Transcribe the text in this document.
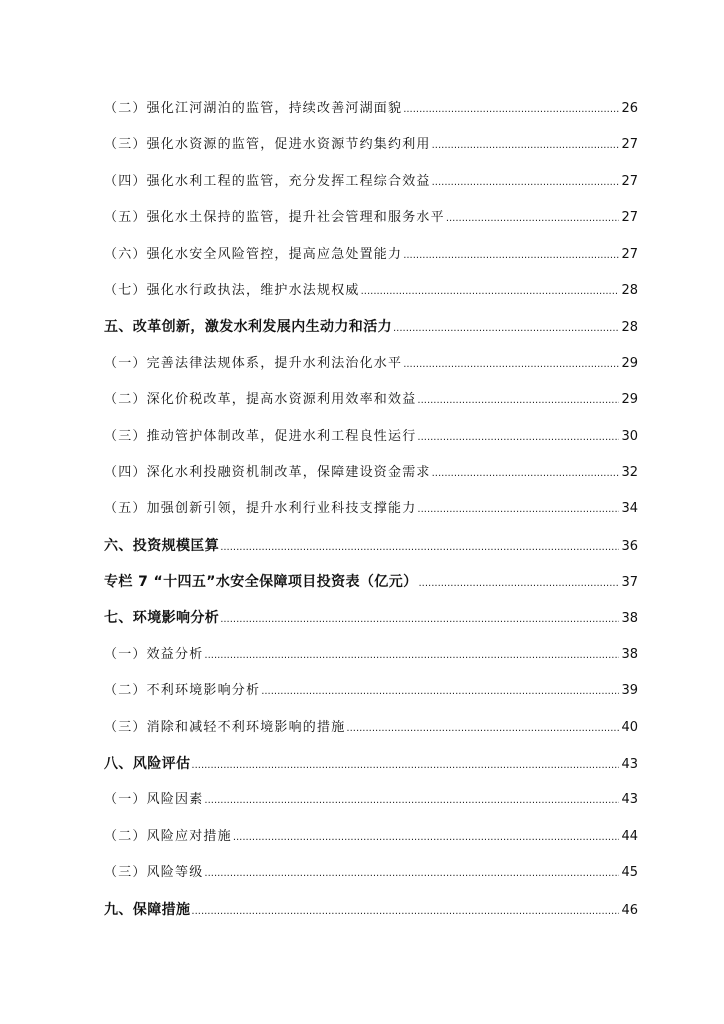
（二）强化江河湖泊的监管，持续改善河湖面貌 .....	26
（三）强化水资源的监管，促进水资源节约集约利用 .....	27
（四）强化水利工程的监管，充分发挥工程综合效益 .....	27
（五）强化水土保持的监管，提升社会管理和服务水平 .....	27
（六）强化水安全风险管控，提高应急处置能力 .....	27
（七）强化水行政执法，维护水法规权威 .....	28
五、改革创新，激发水利发展内生动力和活力 .....	28
（一）完善法律法规体系，提升水利法治化水平 .....	29
（二）深化价税改革，提高水资源利用效率和效益 .....	29
（三）推动管护体制改革，促进水利工程良性运行 .....	30
（四）深化水利投融资机制改革，保障建设资金需求 .....	32
（五）加强创新引领，提升水利行业科技支撑能力 .....	34
六、投资规模匡算 .....	36
专栏 7 “十四五”水安全保障项目投资表（亿元） .....	37
七、环境影响分析 .....	38
（一）效益分析 .....	38
（二）不利环境影响分析 .....	39
（三）消除和减轻不利环境影响的措施 .....	40
八、风险评估 .....	43
（一）风险因素 .....	43
（二）风险应对措施 .....	44
（三）风险等级 .....	45
九、保障措施 .....	46
